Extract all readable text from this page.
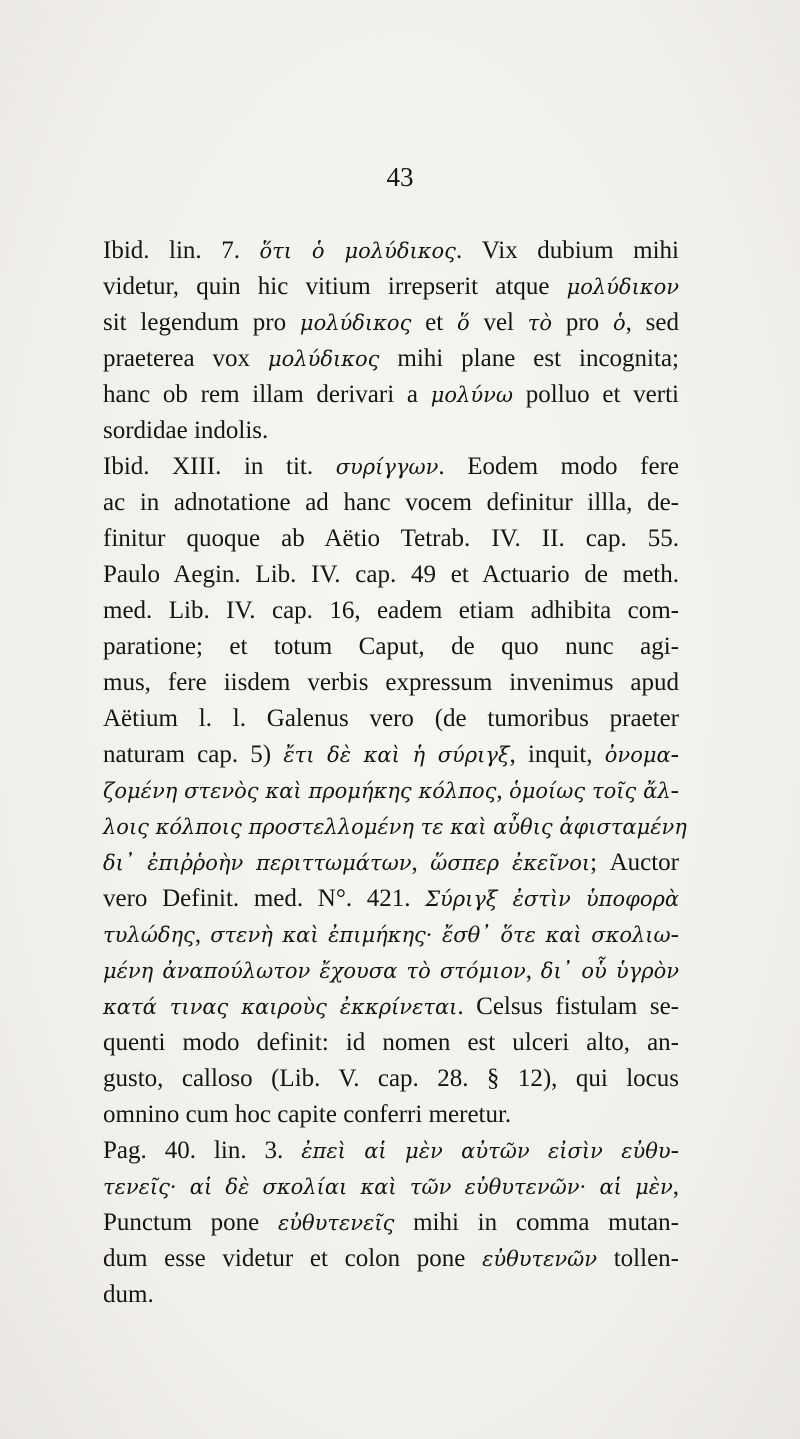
43

Ibid. lin. 7. ὅτι ὁ μολύδικος. Vix dubium mihi
videtur, quin hic vitium irrepserit atque μολύδικον
sit legendum pro μολύδικος et ὅ vel τὸ pro ὁ, sed
praeterea vox μολύδικος mihi plane est incognita;
hanc ob rem illam derivari a μολύνω polluo et verti
sordidae indolis.

Ibid. XIII. in tit. συρίγγων. Eodem modo fere
ac in adnotatione ad hanc vocem definitur illla, de-
finitur quoque ab Aëtio Tetrab. IV. II. cap. 55.
Paulo Aegin. Lib. IV. cap. 49 et Actuario de meth.
med. Lib. IV. cap. 16, eadem etiam adhibita com-
paratione; et totum Caput, de quo nunc agi-
mus, fere iisdem verbis expressum invenimus apud
Aëtium l. l. Galenus vero (de tumoribus praeter
naturam cap. 5) ἔτι δὲ καὶ ἡ σύριγξ, inquit, ὀνομα-
ζομένη στενὸς καὶ προμήκης κόλπος, ὁμοίως τοῖς ἄλ-
λοις κόλποις προστελλομένη τε καὶ αὖθις ἀφισταμένη
δι᾽ ἐπιῤῥοὴν περιττωμάτων, ὥσπερ ἐκεῖνοι; Auctor
vero Definit. med. N°. 421. Σύριγξ ἐστὶν ὑποφορὰ
τυλώδης, στενὴ καὶ ἐπιμήκης· ἔσθ᾽ ὅτε καὶ σκολιω-
μένη ἀναπούλωτον ἔχουσα τὸ στόμιον, δι᾽ οὗ ὑγρὸν
κατά τινας καιροὺς ἐκκρίνεται. Celsus fistulam se-
quenti modo definit: id nomen est ulceri alto, an-
gusto, calloso (Lib. V. cap. 28. § 12), qui locus
omnino cum hoc capite conferri meretur.

Pag. 40. lin. 3. ἐπεὶ αἱ μὲν αὐτῶν εἰσὶν εὐθυ-
τενεῖς· αἱ δὲ σκολίαι καὶ τῶν εὐθυτενῶν· αἱ μὲν,
Punctum pone εὐθυτενεῖς mihi in comma mutan-
dum esse videtur et colon pone εὐθυτενῶν tollen-
dum.
